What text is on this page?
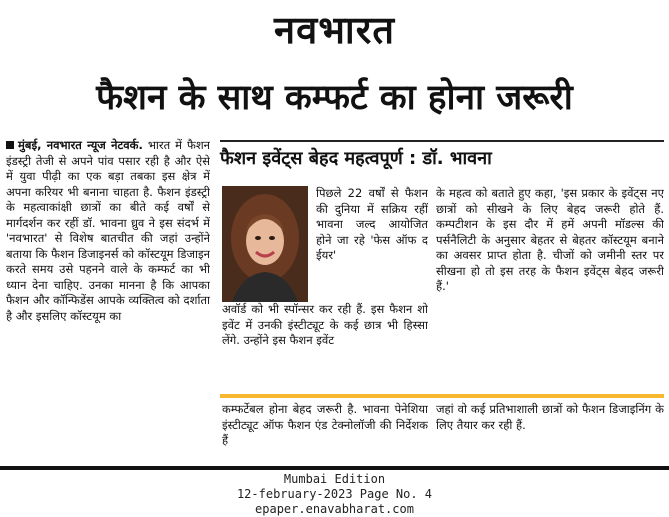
नवभारत
फैशन के साथ कम्फर्ट का होना जरूरी
मुंबई, नवभारत न्यूज नेटवर्क. भारत में फैशन इंडस्ट्री तेजी से अपने पांव पसार रही है और ऐसे में युवा पीढ़ी का एक बड़ा तबका इस क्षेत्र में अपना करियर भी बनाना चाहता है. फैशन इंडस्ट्री के महत्वाकांक्षी छात्रों का बीते कई वर्षों से मार्गदर्शन कर रहीं डॉ. भावना ध्रुव ने इस संदर्भ में 'नवभारत' से विशेष बातचीत की जहां उन्होंने बताया कि फैशन डिजाइनर्स को कॉस्टयूम डिजाइन करते समय उसे पहनने वाले के कम्फर्ट का भी ध्यान देना चाहिए. उनका मानना है कि आपका फैशन और कॉन्फिडेंस आपके व्यक्तित्व को दर्शाता है और इसलिए कॉस्टयूम का
फैशन इवेंट्स बेहद महत्वपूर्ण : डॉ. भावना
पिछले 22 वर्षों से फैशन की दुनिया में सक्रिय रहीं भावना जल्द आयोजित होने जा रहे 'फेस ऑफ द ईयर'
अवॉर्ड को भी स्पॉन्सर कर रही हैं. इस फैशन शो इवेंट में उनकी इंस्टीट्यूट के कई छात्र भी हिस्सा लेंगे. उन्होंने इस फैशन इवेंट
के महत्व को बताते हुए कहा, 'इस प्रकार के इवेंट्स नए छात्रों को सीखने के लिए बेहद जरूरी होते हैं. कम्पटीशन के इस दौर में हमें अपनी मॉडल्स की पर्सनैलिटी के अनुसार बेहतर से बेहतर कॉस्टयूम बनाने का अवसर प्राप्त होता है. चीजों को जमीनी स्तर पर सीखना हो तो इस तरह के फैशन इवेंट्स बेहद जरूरी हैं.'
कम्फर्टेबल होना बेहद जरूरी है. भावना पेनेशिया इंस्टीट्यूट ऑफ फैशन एंड टेक्नोलॉजी की निर्देशक हैं
जहां वो कई प्रतिभाशाली छात्रों को फैशन डिजाइनिंग के लिए तैयार कर रही हैं.
Mumbai Edition
12-february-2023 Page No. 4
epaper.enavabharat.com
